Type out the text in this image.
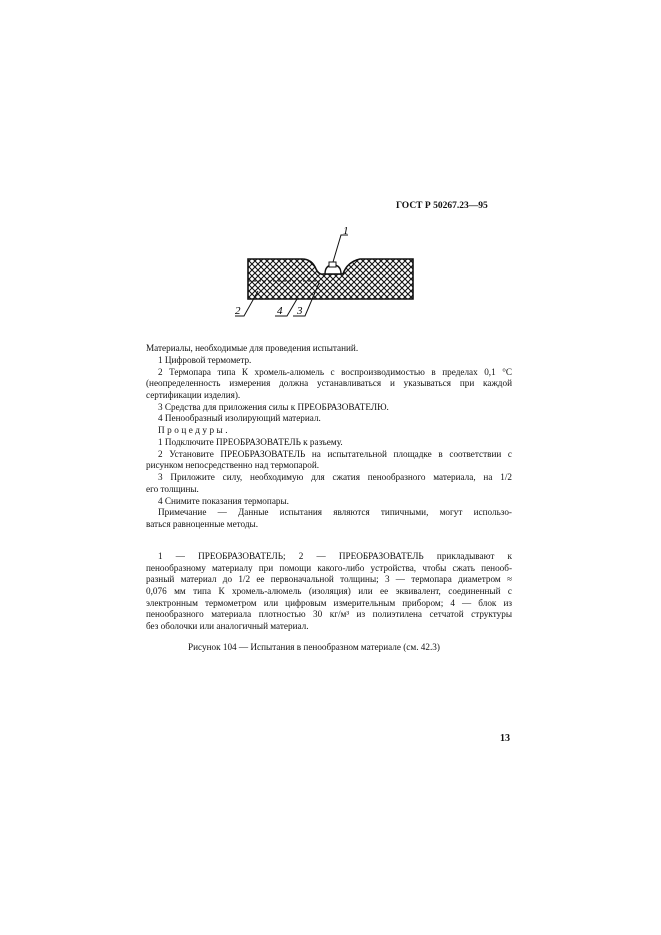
ГОСТ Р 50267.23—95
1
2	4 3
Материалы, необходимые для проведения испытаний.
1 Цифровой термометр.
2 Термопара типа К хромель-алюмель с воспроизводимостью в пределах 0,1 °С
(неопределенность измерения должна устанавливаться и указываться при каждой
сертификации изделия).
3 Средства для приложения силы к ПРЕОБРАЗОВАТЕЛЮ.
4 Пенообразный изолирующий материал.
Процедуры.
1 Подключите ПРЕОБРАЗОВАТЕЛЬ к разъему.
2 Установите ПРЕОБРАЗОВАТЕЛЬ на испытательной площадке в соответствии с
рисунком непосредственно над термопарой.
3 Приложите силу, необходимую для сжатия пенообразного материала, на 1/2
его толщины.
4 Снимите показания термопары.
Примечание — Данные испытания являются типичными, могут использо-
ваться равноценные методы.
1 — ПРЕОБРАЗОВАТЕЛЬ; 2 — ПРЕОБРАЗОВАТЕЛЬ прикладывают к
пенообразному материалу при помощи какого-либо устройства, чтобы сжать пенооб-
разный материал до 1/2 ее первоначальной толщины; 3 — термопара диаметром ≈
0,076 мм типа К хромель-алюмель (изоляция) или ее эквивалент, соединенный с
электронным термометром или цифровым измерительным прибором; 4 — блок из
пенообразного материала плотностью 30 кг/м³ из полиэтилена сетчатой структуры
без оболочки или аналогичный материал.
Рисунок 104 — Испытания в пенообразном материале (см. 42.3)
13
